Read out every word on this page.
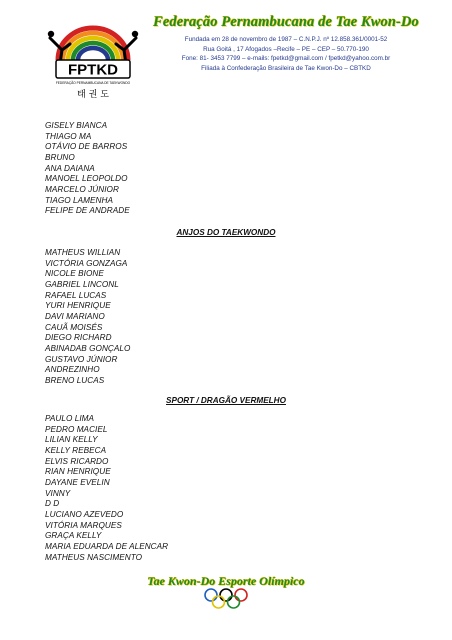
FPTKD
FEDERAÇÃO PERNAMBUCANA DE TAEKWONDO
태 권 도
Federação Pernambucana de Tae Kwon-Do
Fundada em 28 de novembro de 1987 – C.N.P.J. nº 12.858.361/0001-52
Rua Goitá , 17 Afogados –Recife – PE – CEP – 50.770-190
Fone: 81- 3453 7799 – e-mails: fpetkd@gmail.com / fpetkd@yahoo.com.br
Filiada à Confederação Brasileira de Tae Kwon-Do – CBTKD
GISELY BIANCA
THIAGO MA
OTÁVIO DE BARROS
BRUNO
ANA DAIANA
MANOEL LEOPOLDO
MARCELO JÚNIOR
TIAGO LAMENHA
FELIPE DE ANDRADE
ANJOS DO TAEKWONDO
MATHEUS WILLIAN
VICTÓRIA GONZAGA
NICOLE BIONE
GABRIEL LINCONL
RAFAEL LUCAS
YURI HENRIQUE
DAVI MARIANO
CAUÃ MOISÉS
DIEGO RICHARD
ABINADAB GONÇALO
GUSTAVO JÚNIOR
ANDREZINHO
BRENO LUCAS
SPORT / DRAGÃO VERMELHO
PAULO LIMA
PEDRO MACIEL
LILIAN KELLY
KELLY REBECA
ELVIS RICARDO
RIAN HENRIQUE
DAYANE EVELIN
VINNY
D D
LUCIANO AZEVEDO
VITÓRIA MARQUES
GRAÇA KELLY
MARIA EDUARDA DE ALENCAR
MATHEUS NASCIMENTO
Tae Kwon-Do Esporte Olímpico
